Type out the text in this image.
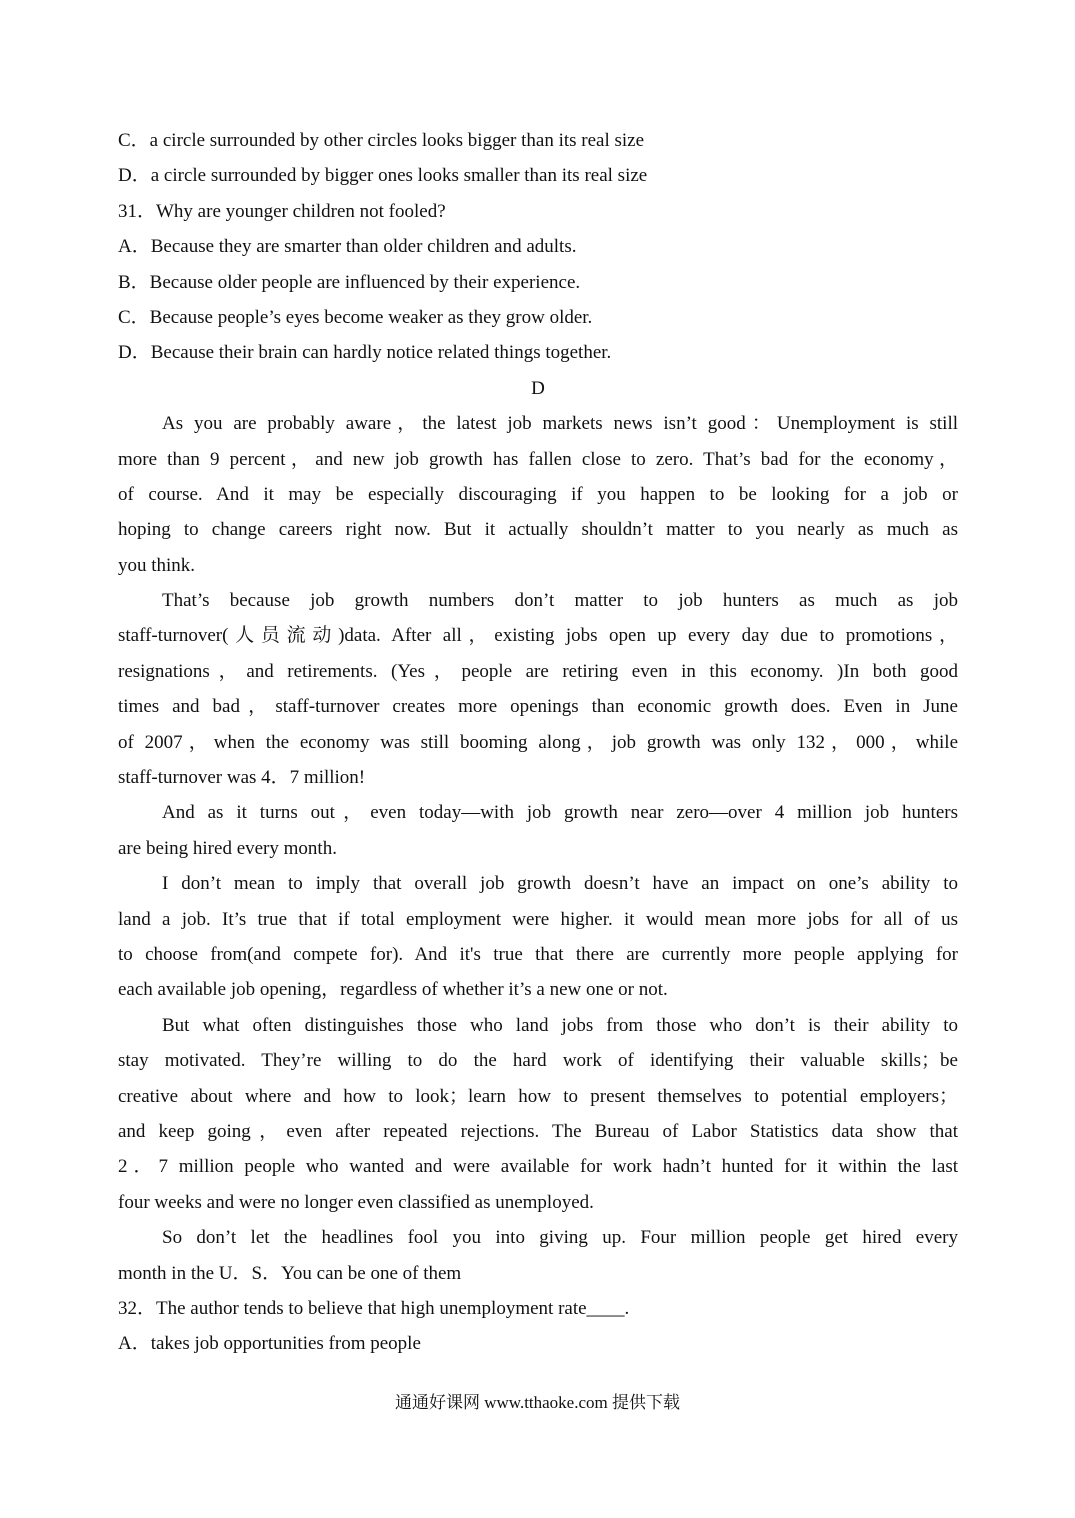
C．a circle surrounded by other circles looks bigger than its real size
D．a circle surrounded by bigger ones looks smaller than its real size
31．Why are younger children not fooled?
A．Because they are smarter than older children and adults.
B．Because older people are influenced by their experience.
C．Because people’s eyes become weaker as they grow older.
D．Because their brain can hardly notice related things together.
D
As you are probably aware，the latest job markets news isn’t good：Unemployment is still
more than 9 percent，and new job growth has fallen close to zero. That’s bad for the economy，
of course. And it may be especially discouraging if you happen to be looking for a job or
hoping to change careers right now. But it actually shouldn’t matter to you nearly as much as
you think.
That’s because job growth numbers don’t matter to job hunters as much as job
staff-turnover(人员流动)data. After all，existing jobs open up every day due to promotions，
resignations，and retirements. (Yes，people are retiring even in this economy. )In both good
times and bad，staff-turnover creates more openings than economic growth does. Even in June
of 2007，when the economy was still booming along，job growth was only 132，000，while
staff-turnover was 4．7 million!
And as it turns out，even today—with job growth near zero—over 4 million job hunters
are being hired every month.
I don’t mean to imply that overall job growth doesn’t have an impact on one’s ability to
land a job. It’s true that if total employment were higher. it would mean more jobs for all of us
to choose from(and compete for). And it's true that there are currently more people applying for
each available job opening，regardless of whether it’s a new one or not.
But what often distinguishes those who land jobs from those who don’t is their ability to
stay motivated. They’re willing to do the hard work of identifying their valuable skills；be
creative about where and how to look；learn how to present themselves to potential employers；
and keep going，even after repeated rejections. The Bureau of Labor Statistics data show that
2．7 million people who wanted and were available for work hadn’t hunted for it within the last
four weeks and were no longer even classified as unemployed.
So don’t let the headlines fool you into giving up. Four million people get hired every
month in the U．S．You can be one of them
32．The author tends to believe that high unemployment rate____.
A．takes job opportunities from people
通通好课网 www.tthaoke.com 提供下载
